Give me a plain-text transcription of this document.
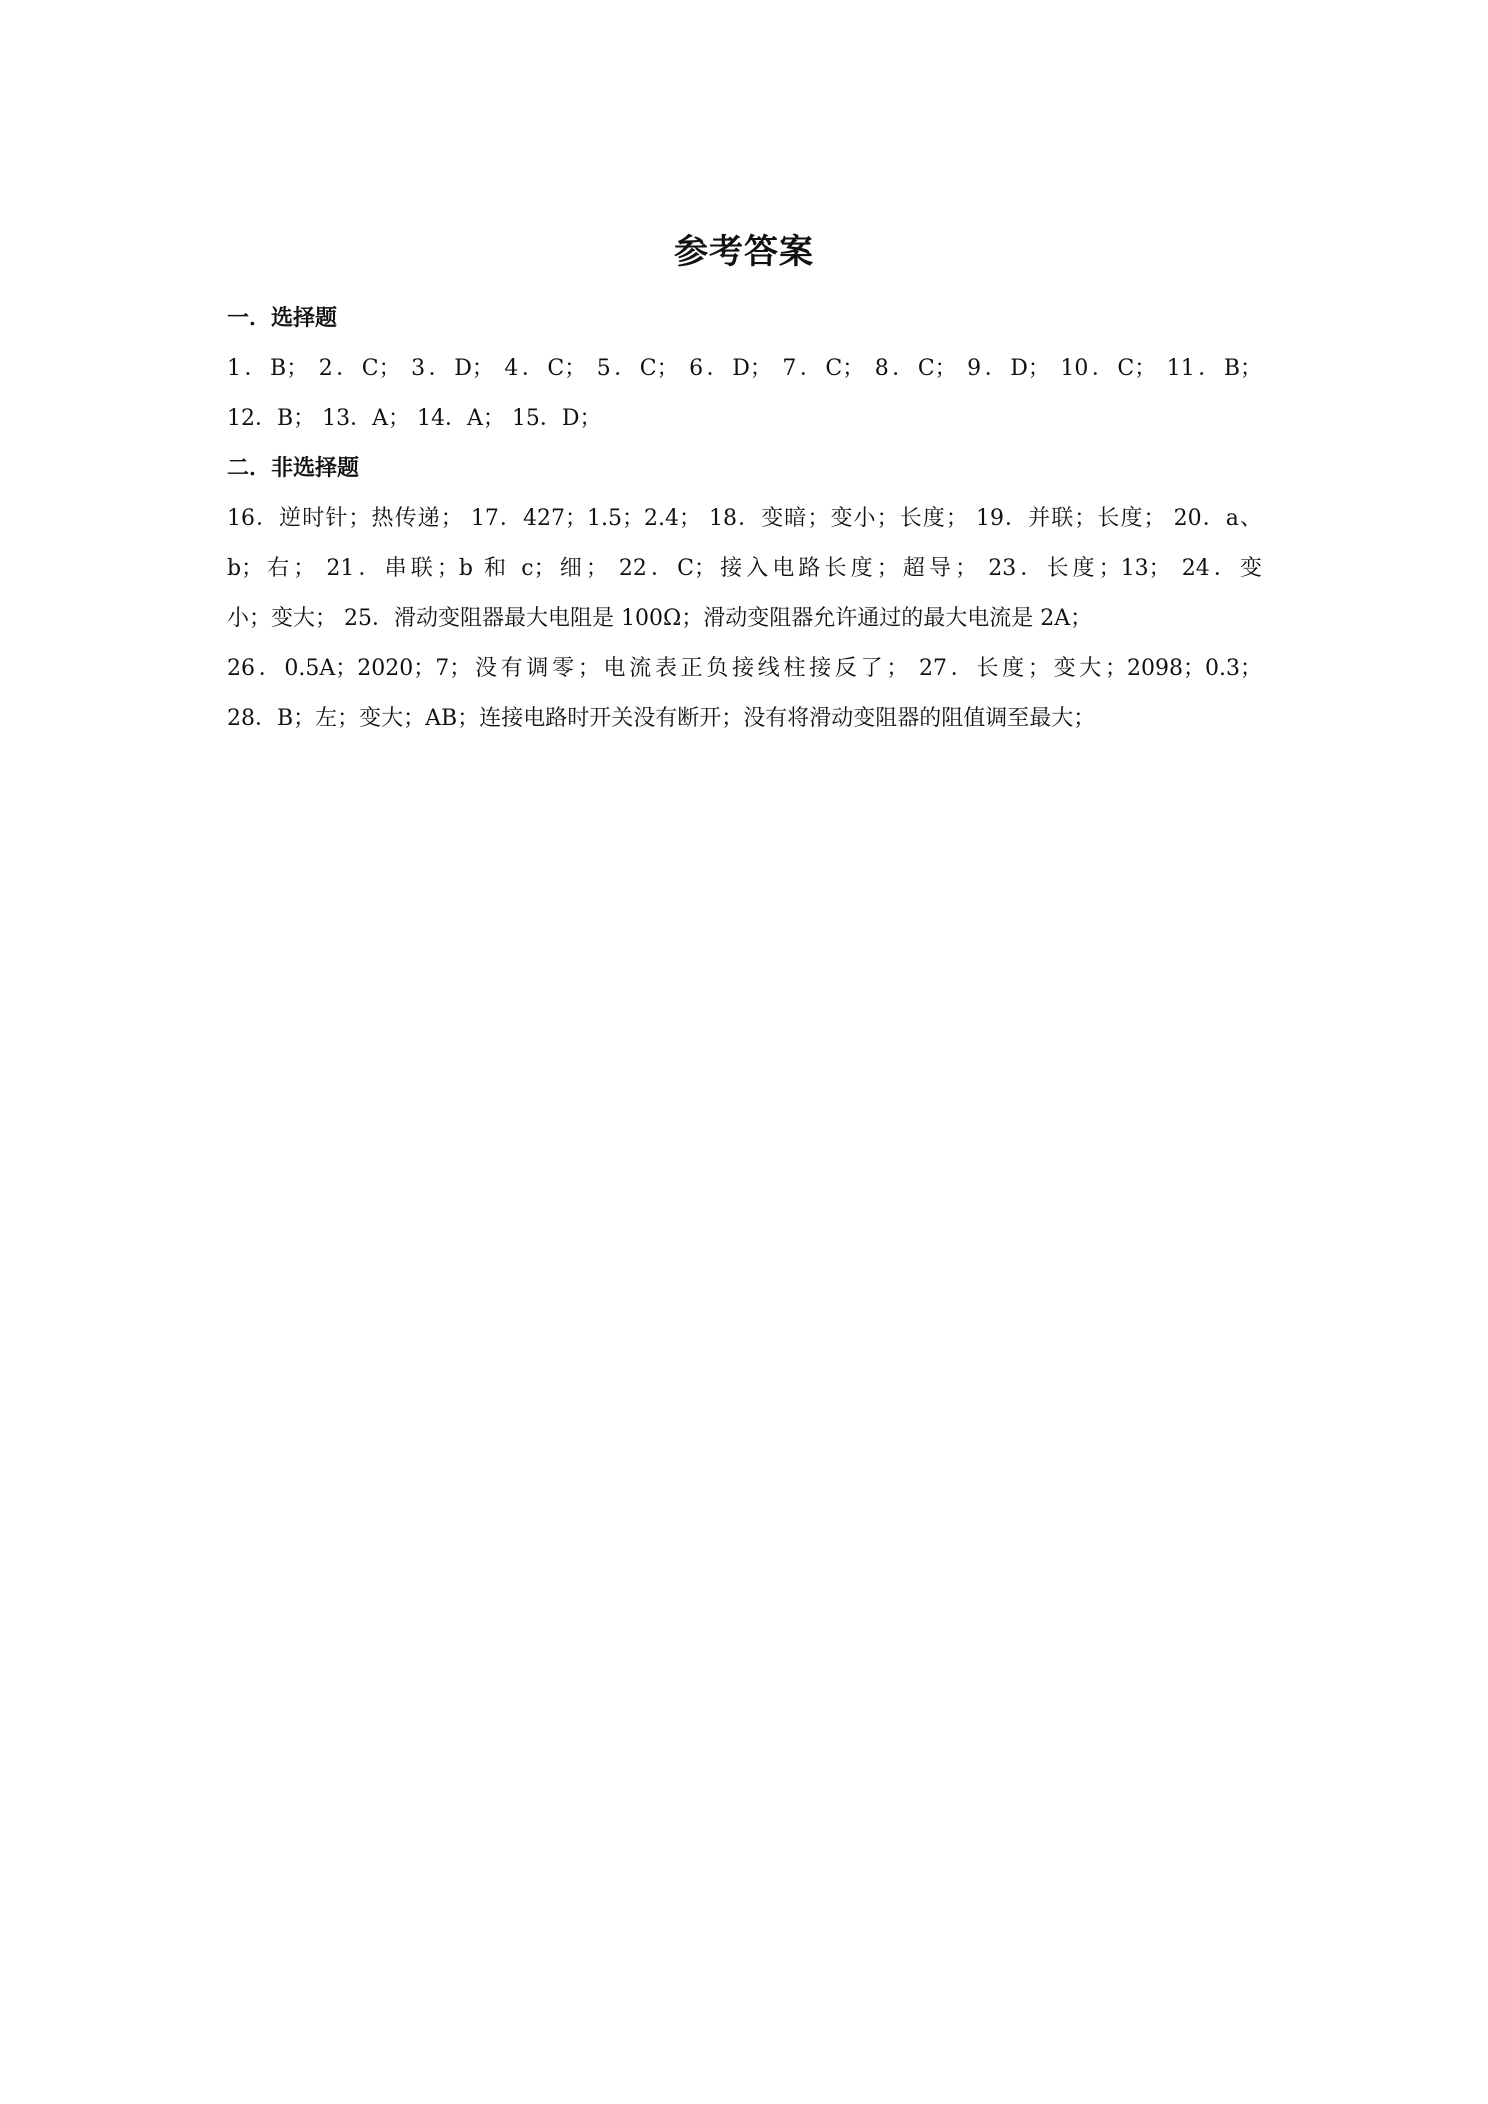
参考答案

一．选择题

1．B； 2．C； 3．D； 4．C； 5．C； 6．D； 7．C； 8．C； 9．D； 10．C； 11．B；

12．B； 13．A； 14．A； 15．D；

二．非选择题

16．逆时针；热传递； 17．427；1.5；2.4； 18．变暗；变小；长度； 19．并联；长度； 20．a、

b；右； 21．串联；b 和 c；细； 22．C；接入电路长度；超导； 23．长度；13； 24．变

小；变大； 25．滑动变阻器最大电阻是 100Ω；滑动变阻器允许通过的最大电流是 2A；

26．0.5A；2020；7；没有调零；电流表正负接线柱接反了； 27．长度；变大；2098；0.3；

28．B；左；变大；AB；连接电路时开关没有断开；没有将滑动变阻器的阻值调至最大；
